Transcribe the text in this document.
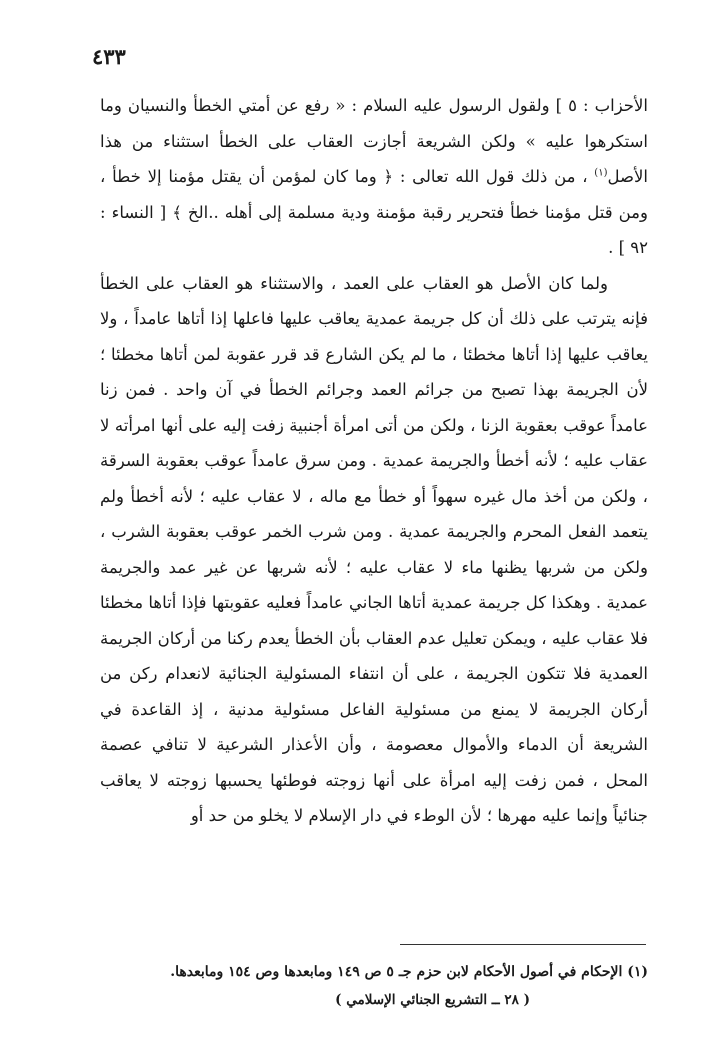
٤٣٣

الأحزاب : ٥ ] ولقول الرسول عليه السلام : « رفع عن أمتي الخطأ والنسيان وما استكرهوا عليه » ولكن الشريعة أجازت العقاب على الخطأ استثناء من هذا الأصل$^{(١)}$ ، من ذلك قول الله تعالى : ﴿ وما كان لمؤمن أن يقتل مؤمنا إلا خطأ ، ومن قتل مؤمنا خطأ فتحرير رقبة مؤمنة ودية مسلمة إلى أهله ..الخ ﴾ [ النساء : ٩٢ ] .

ولما كان الأصل هو العقاب على العمد ، والاستثناء هو العقاب على الخطأ فإنه يترتب على ذلك أن كل جريمة عمدية يعاقب عليها فاعلها إذا أتاها عامداً ، ولا يعاقب عليها إذا أتاها مخطئا ، ما لم يكن الشارع قد قرر عقوبة لمن أتاها مخطئا ؛ لأن الجريمة بهذا تصبح من جرائم العمد وجرائم الخطأ في آن واحد . فمن زنا عامداً عوقب بعقوبة الزنا ، ولكن من أتى امرأة أجنبية زفت إليه على أنها امرأته لا عقاب عليه ؛ لأنه أخطأ والجريمة عمدية . ومن سرق عامداً عوقب بعقوبة السرقة ، ولكن من أخذ مال غيره سهواً أو خطأ مع ماله ، لا عقاب عليه ؛ لأنه أخطأ ولم يتعمد الفعل المحرم والجريمة عمدية . ومن شرب الخمر عوقب بعقوبة الشرب ، ولكن من شربها يظنها ماء لا عقاب عليه ؛ لأنه شربها عن غير عمد والجريمة عمدية . وهكذا كل جريمة عمدية أتاها الجاني عامداً فعليه عقوبتها فإذا أتاها مخطئا فلا عقاب عليه ، ويمكن تعليل عدم العقاب بأن الخطأ يعدم ركنا من أركان الجريمة العمدية فلا تتكون الجريمة ، على أن انتفاء المسئولية الجنائية لانعدام ركن من أركان الجريمة لا يمنع من مسئولية الفاعل مسئولية مدنية ، إذ القاعدة في الشريعة أن الدماء والأموال معصومة ، وأن الأعذار الشرعية لا تنافي عصمة المحل ، فمن زفت إليه امرأة على أنها زوجته فوطئها يحسبها زوجته لا يعاقب جنائياً وإنما عليه مهرها ؛ لأن الوطء في دار الإسلام لا يخلو من حد أو

(١) الإحكام في أصول الأحكام لابن حزم جـ ٥ ص ١٤٩ ومابعدها وص ١٥٤ ومابعدها.
( ٢٨ ــ التشريع الجنائي الإسلامي )
